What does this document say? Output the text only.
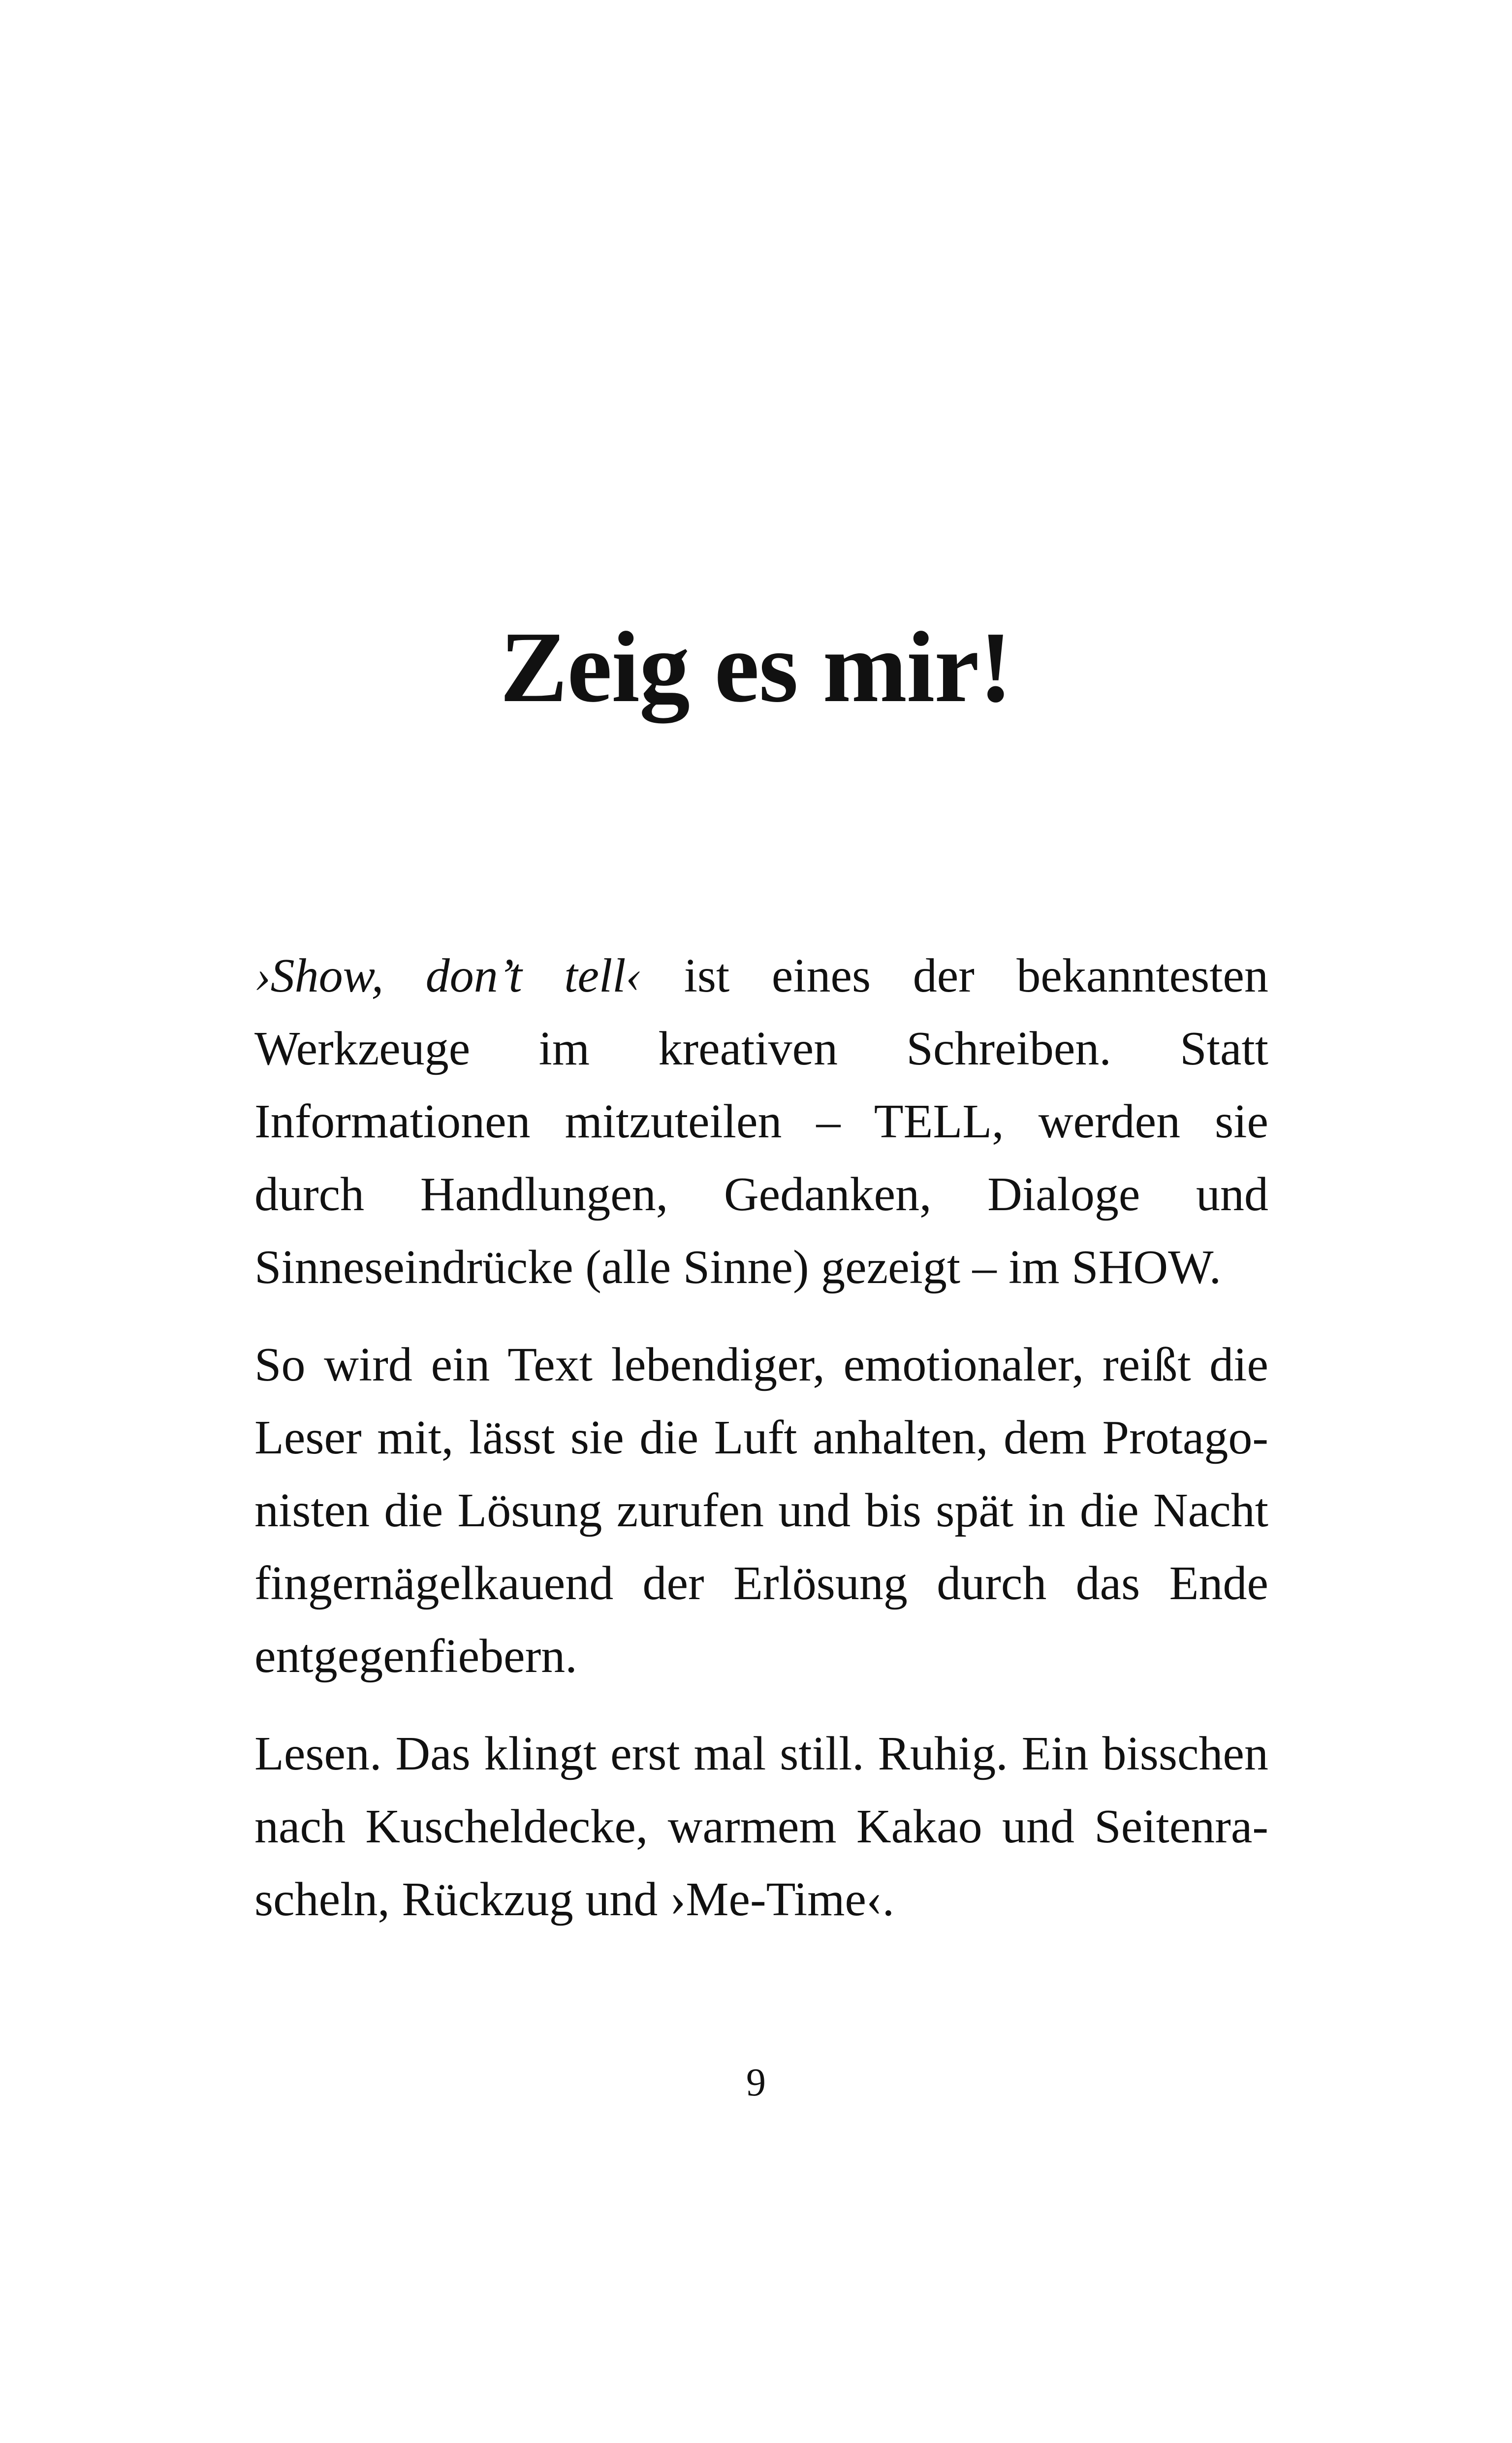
Zeig es mir!

›Show, don’t tell‹ ist eines der bekanntesten Werkzeuge im kreativen Schreiben. Statt Informationen mitzuteilen – TELL, werden sie durch Handlungen, Gedanken, Dialoge und Sinneseindrücke (alle Sinne) gezeigt – im SHOW.

So wird ein Text lebendiger, emotionaler, reißt die Leser mit, lässt sie die Luft anhalten, dem Protagonisten die Lösung zurufen und bis spät in die Nacht fingernägelkauend der Erlösung durch das Ende entgegenfiebern.

Lesen. Das klingt erst mal still. Ruhig. Ein bisschen nach Kuscheldecke, warmem Kakao und Seitenrascheln, Rückzug und ›Me-Time‹.

9
